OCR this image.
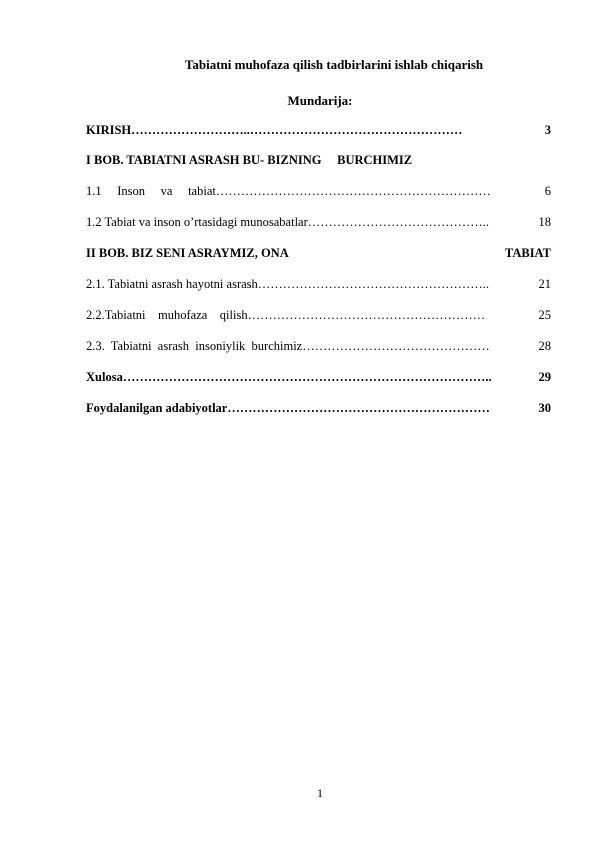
Tabiatni muhofaza qilish tadbirlarini ishlab chiqarish
Mundarija:
KIRISH	3
………………………..……………………………………………
I BOB. TABIATNI ASRASH BU- BIZNING     BURCHIMIZ
1.1     Inson     va     tabiat	6
…………………………………………………………
1.2 Tabiat va inson o’rtasidagi munosabatlar	18
……………………………………..
II BOB. BIZ SENI ASRAYMIZ, ONA	TABIAT
2.1. Tabiatni asrash hayotni asrash	21
………………………………………………..
2.2.Tabiatni    muhofaza    qilish	25
…………………………………………………
2.3.  Tabiatni  asrash  insoniylik  burchimiz	28
………………………………………
Xulosa	29
……………………………………………………………………………..
Foydalanilgan adabiyotlar	30
………………………………………………………
1
